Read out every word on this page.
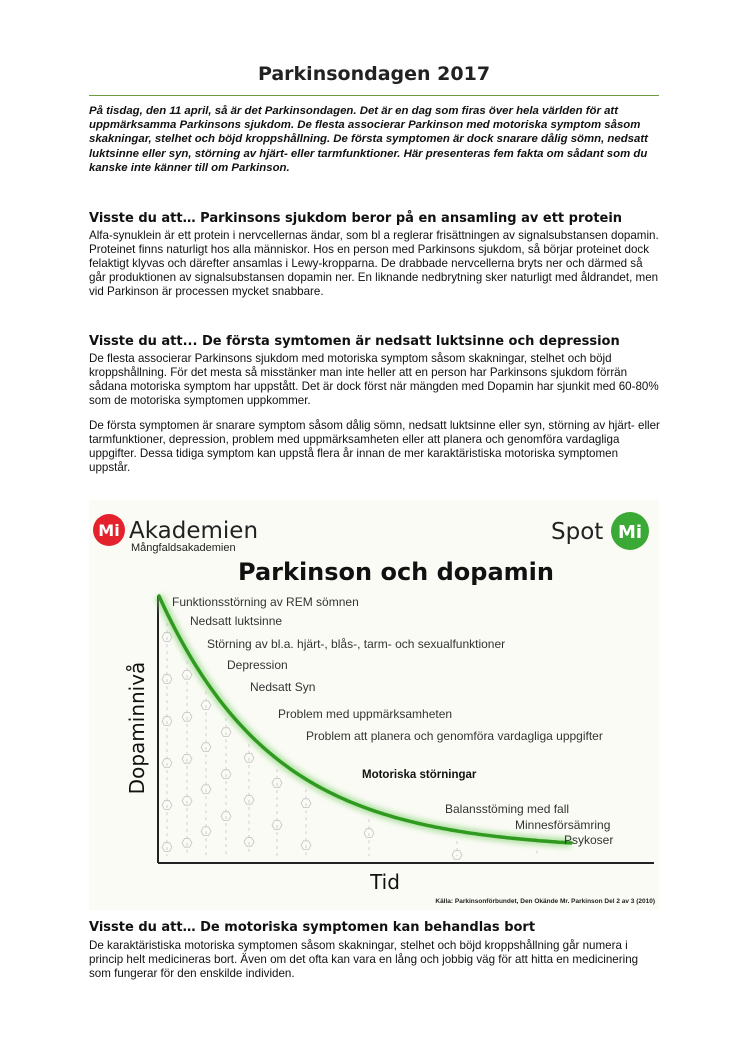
Parkinsondagen 2017

På tisdag, den 11 april, så är det Parkinsondagen. Det är en dag som firas över hela världen för att uppmärksamma Parkinsons sjukdom. De flesta associerar Parkinson med motoriska symptom såsom skakningar, stelhet och böjd kroppshållning. De första symptomen är dock snarare dålig sömn, nedsatt luktsinne eller syn, störning av hjärt- eller tarmfunktioner. Här presenteras fem fakta om sådant som du kanske inte känner till om Parkinson.

Visste du att… Parkinsons sjukdom beror på en ansamling av ett protein

Alfa-synuklein är ett protein i nervcellernas ändar, som bl a reglerar frisättningen av signalsubstansen dopamin. Proteinet finns naturligt hos alla människor. Hos en person med Parkinsons sjukdom, så börjar proteinet dock felaktigt klyvas och därefter ansamlas i Lewy-kropparna. De drabbade nervcellerna bryts ner och därmed så går produktionen av signalsubstansen dopamin ner. En liknande nedbrytning sker naturligt med åldrandet, men vid Parkinson är processen mycket snabbare.

Visste du att... De första symtomen är nedsatt luktsinne och depression

De flesta associerar Parkinsons sjukdom med motoriska symptom såsom skakningar, stelhet och böjd kroppshållning. För det mesta så misstänker man inte heller att en person har Parkinsons sjukdom förrän sådana motoriska symptom har uppstått. Det är dock först när mängden med Dopamin har sjunkit med 60-80% som de motoriska symptomen uppkommer.

De första symptomen är snarare symptom såsom dålig sömn, nedsatt luktsinne eller syn, störning av hjärt- eller tarmfunktioner, depression, problem med uppmärksamheten eller att planera och genomföra vardagliga uppgifter. Dessa tidiga symptom kan uppstå flera år innan de mer karaktäristiska motoriska symptomen uppstår.

Visste du att… De motoriska symptomen kan behandlas bort

De karaktäristiska motoriska symptomen såsom skakningar, stelhet och böjd kroppshållning går numera i princip helt medicineras bort. Även om det ofta kan vara en lång och jobbig väg för att hitta en medicinering som fungerar för den enskilde individen.

Mi Akademien
Mångfaldsakademien
Spot Mi
Parkinson och dopamin
Funktionsstörning av REM sömnen
Nedsatt luktsinne
Störning av bl.a. hjärt-, blås-, tarm- och sexualfunktioner
Depression
Nedsatt Syn
Problem med uppmärksamheten
Problem att planera och genomföra vardagliga uppgifter
Motoriska störningar
Balansstöming med fall
Minnesförsämring
Psykoser
Dopaminnivå
Tid
Källa: Parkinsonförbundet, Den Okände Mr. Parkinson Del 2 av 3 (2010)
